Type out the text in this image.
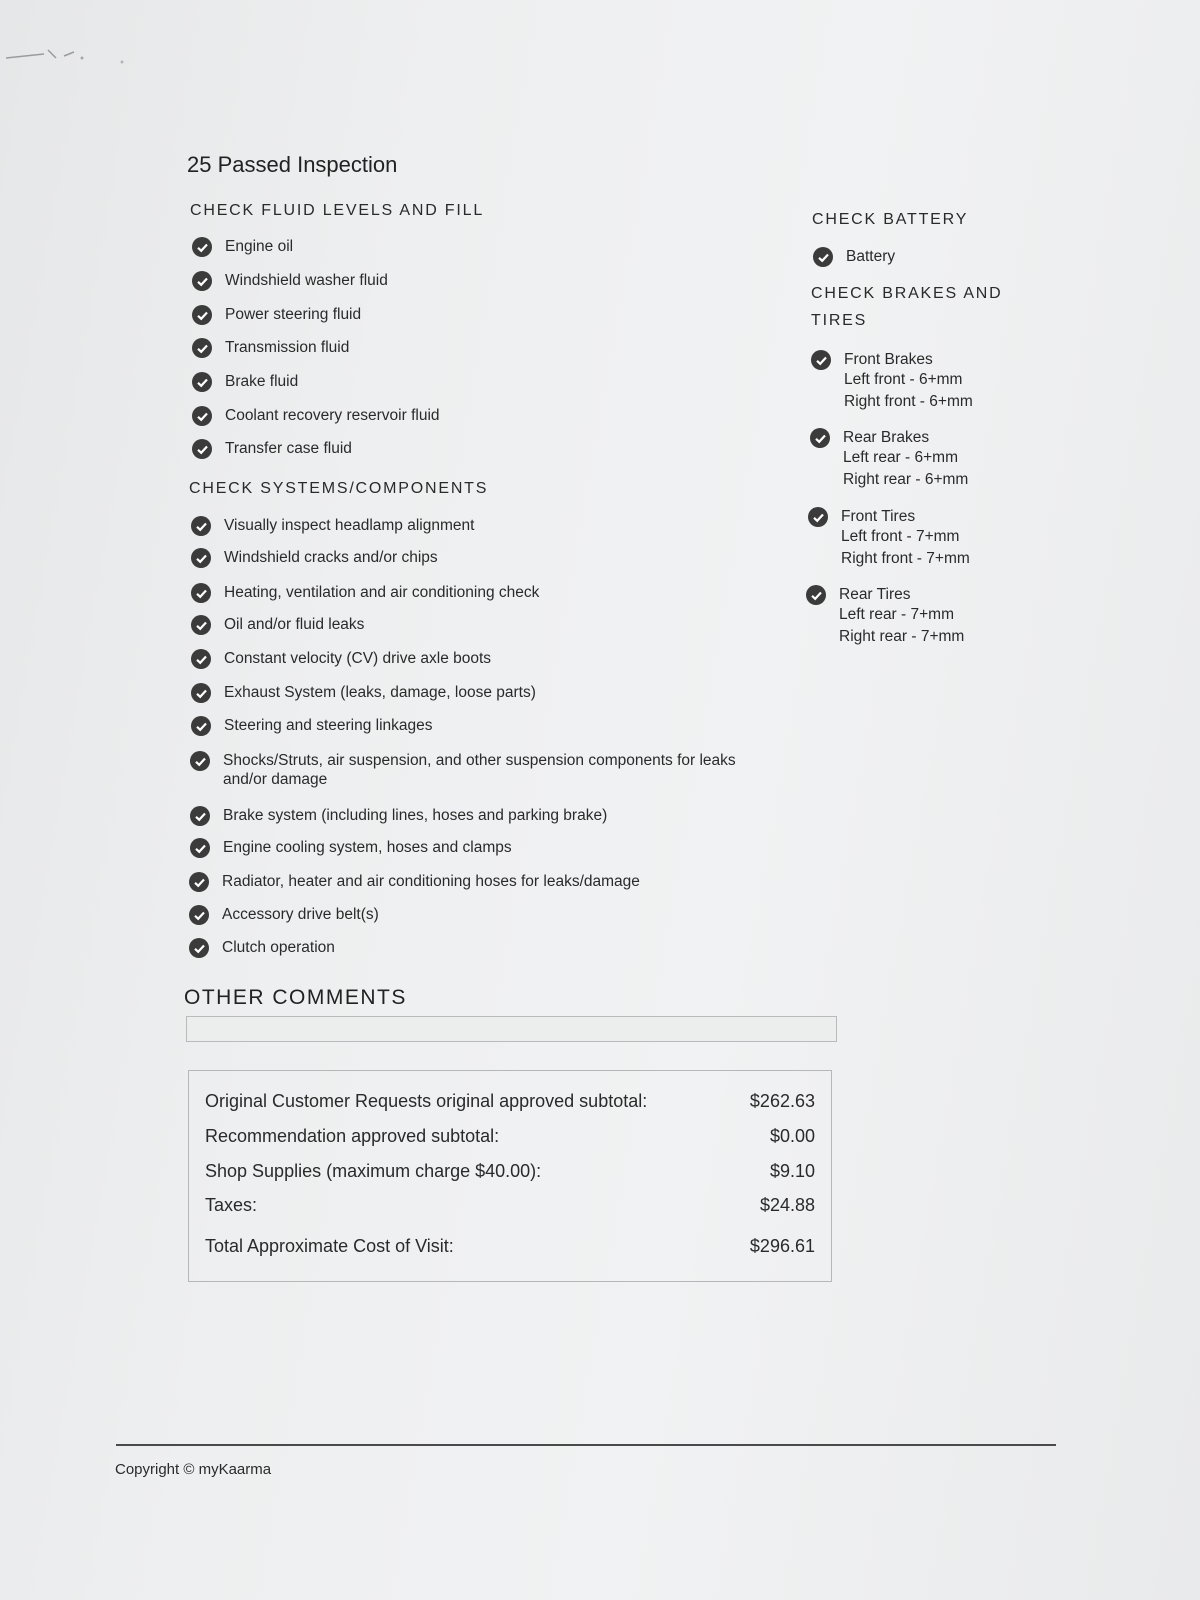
25 Passed Inspection
CHECK FLUID LEVELS AND FILL
Engine oil
Windshield washer fluid
Power steering fluid
Transmission fluid
Brake fluid
Coolant recovery reservoir fluid
Transfer case fluid
CHECK SYSTEMS/COMPONENTS
Visually inspect headlamp alignment
Windshield cracks and/or chips
Heating, ventilation and air conditioning check
Oil and/or fluid leaks
Constant velocity (CV) drive axle boots
Exhaust System (leaks, damage, loose parts)
Steering and steering linkages
Shocks/Struts, air suspension, and other suspension components for leaks
and/or damage
Brake system (including lines, hoses and parking brake)
Engine cooling system, hoses and clamps
Radiator, heater and air conditioning hoses for leaks/damage
Accessory drive belt(s)
Clutch operation
CHECK BATTERY
Battery
CHECK BRAKES AND
TIRES
Front Brakes
Left front - 6+mm
Right front - 6+mm
Rear Brakes
Left rear - 6+mm
Right rear - 6+mm
Front Tires
Left front - 7+mm
Right front - 7+mm
Rear Tires
Left rear - 7+mm
Right rear - 7+mm
OTHER COMMENTS
Original Customer Requests original approved subtotal:	$262.63
Recommendation approved subtotal:	$0.00
Shop Supplies (maximum charge $40.00):	$9.10
Taxes:	$24.88
Total Approximate Cost of Visit:	$296.61
Copyright © myKaarma
